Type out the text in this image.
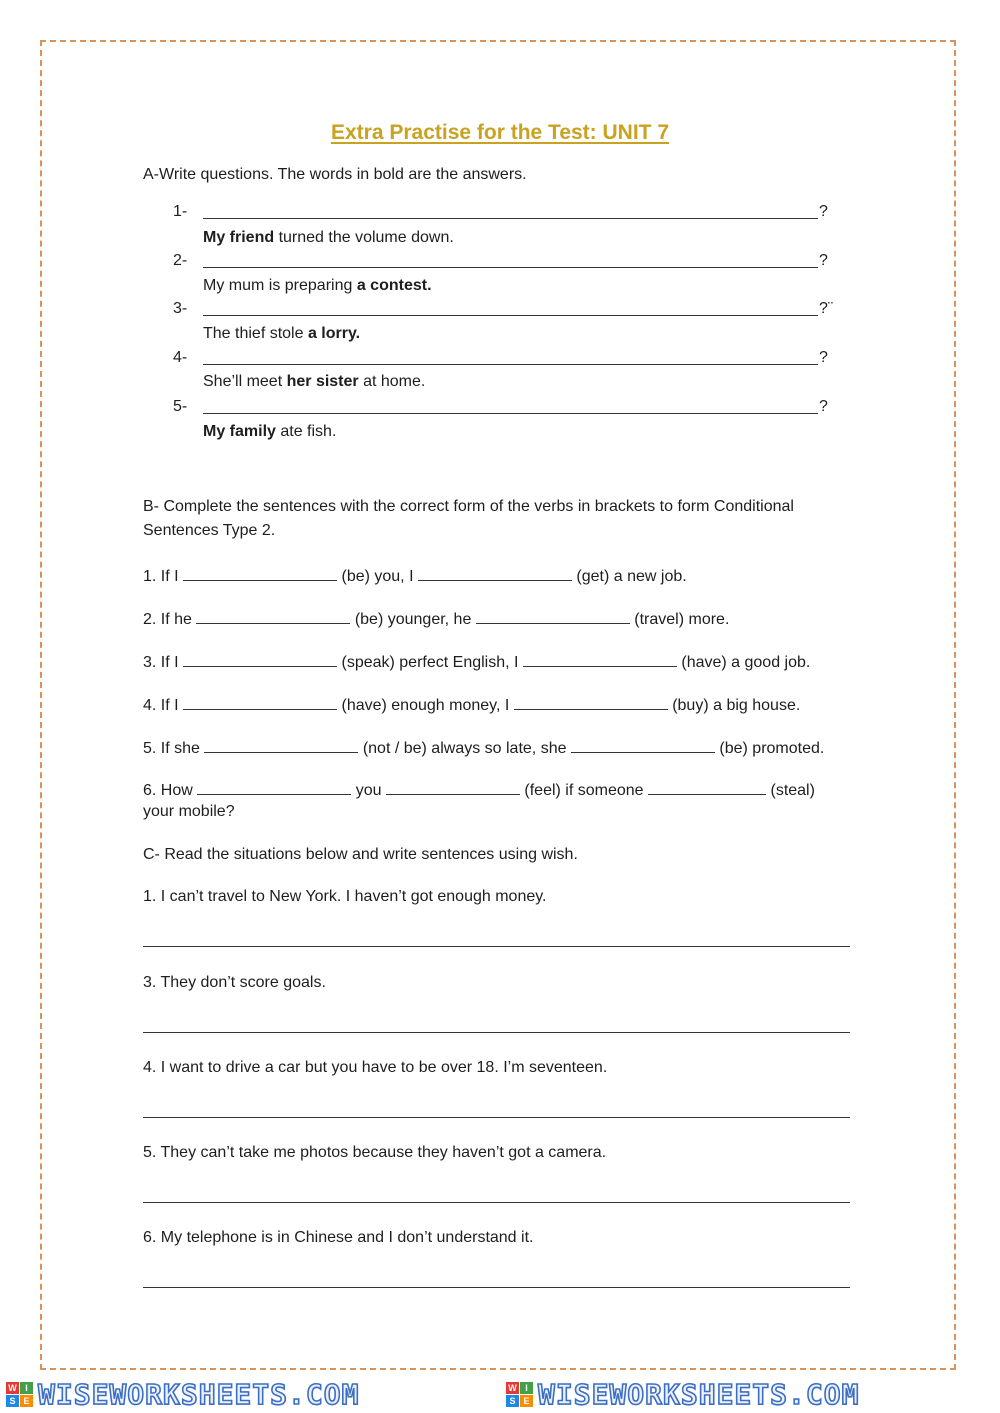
Extra Practise for the Test: UNIT 7
A-Write questions. The words in bold are the answers.
1-	?
My friend turned the volume down.
2-	?
My mum is preparing a contest.
3-	?¨
The thief stole a lorry.
4-	?
She’ll meet her sister at home.
5-	?
My family ate fish.
B- Complete the sentences with the correct form of the verbs in brackets to form Conditional
Sentences Type 2.
1. If I	(be) you, I	(get) a new job.
2. If he	(be) younger, he	(travel) more.
3. If I	(speak) perfect English, I	(have) a good job.
4. If I	(have) enough money, I	(buy) a big house.
5. If she	(not / be) always so late, she	(be) promoted.
6. How	you	(feel) if someone	(steal)
your mobile?
C- Read the situations below and write sentences using wish.
1. I can’t travel to New York. I haven’t got enough money.
3. They don’t score goals.
4. I want to drive a car but you have to be over 18. I’m seventeen.
5. They can’t take me photos because they haven’t got a camera.
6. My telephone is in Chinese and I don’t understand it.
W I
S E WISEWORKSHEETS.COM	W I
S E WISEWORKSHEETS.COM
